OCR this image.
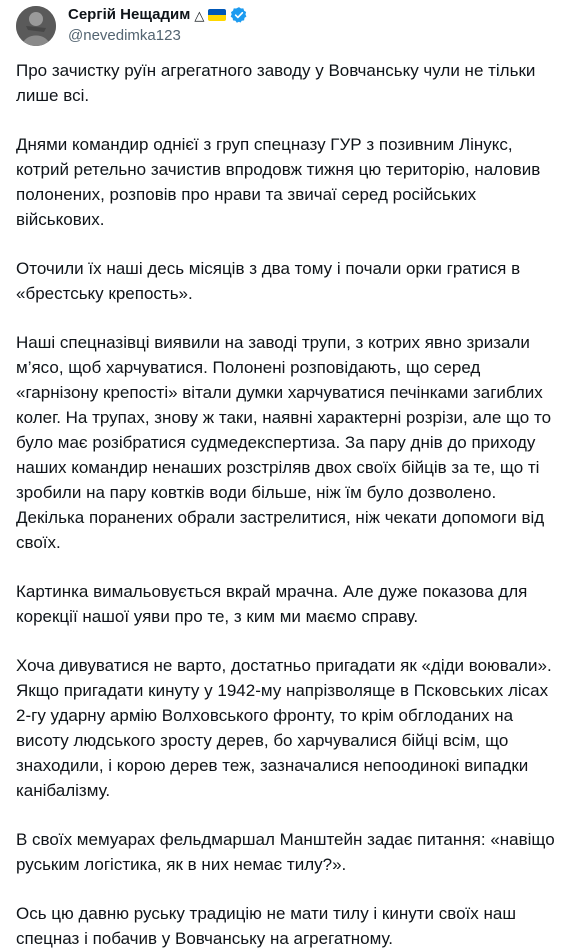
Сергій Нещадим △
@nevedimka123

Про зачистку руїн агрегатного заводу у Вовчанську чули не тільки лише всі.

Днями командир однієї з груп спецназу ГУР з позивним Лінукс, котрий ретельно зачистив впродовж тижня цю територію, наловив полонених, розповів про нрави та звичаї серед російських військових.

Оточили їх наші десь місяців з два тому і почали орки гратися в «брестську крепость».

Наші спецназівці виявили на заводі трупи, з котрих явно зризали м’ясо, щоб харчуватися. Полонені розповідають, що серед «гарнізону крепості» вітали думки харчуватися печінками загиблих колег. На трупах, знову ж таки, наявні характерні розрізи, але що то було має розібратися судмедекспертиза. За пару днів до приходу наших командир ненаших розстріляв двох своїх бійців за те, що ті зробили на пару ковтків води більше, ніж їм було дозволено. Декілька поранених обрали застрелитися, ніж чекати допомоги від своїх.

Картинка вимальовується вкрай мрачна. Але дуже показова для корекції нашої уяви про те, з ким ми маємо справу.

Хоча дивуватися не варто, достатньо пригадати як «діди воювали». Якщо пригадати кинуту у 1942-му напрізволяще в Псковських лісах 2-гу ударну армію Волховського фронту, то крім обглоданих на висоту людського зросту дерев, бо харчувалися бійці всім, що знаходили, і корою дерев теж, зазначалися непоодинокі випадки канібалізму.

В своїх мемуарах фельдмаршал Манштейн задає питання: «навіщо руським логістика, як в них немає тилу?».

Ось цю давню руську традицію не мати тилу і кинути своїх наш спецназ і побачив у Вовчанську на агрегатному.
